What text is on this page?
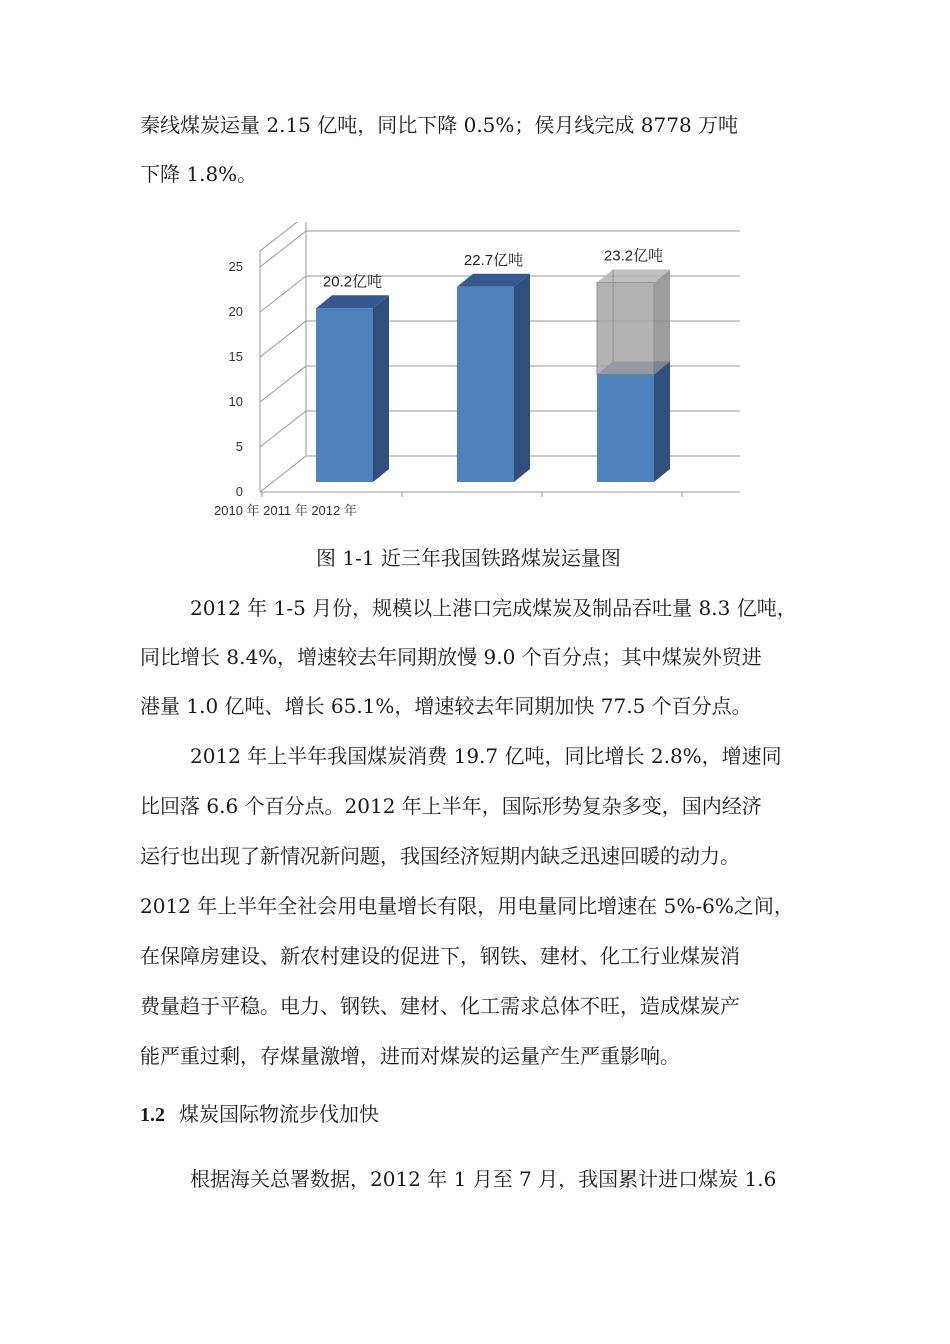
秦线煤炭运量 2.15 亿吨，同比下降 0.5%；侯月线完成 8778 万吨
下降 1.8%。
0
5
10
15
20
25
20.2亿吨
22.7亿吨	23.2亿吨
2010 年 2011 年 2012 年
图 1-1 近三年我国铁路煤炭运量图
2012 年 1-5 月份，规模以上港口完成煤炭及制品吞吐量 8.3 亿吨，
同比增长 8.4%，增速较去年同期放慢 9.0 个百分点；其中煤炭外贸进
港量 1.0 亿吨、增长 65.1%，增速较去年同期加快 77.5 个百分点。
2012 年上半年我国煤炭消费 19.7 亿吨，同比增长 2.8%，增速同
比回落 6.6 个百分点。2012 年上半年，国际形势复杂多变，国内经济
运行也出现了新情况新问题，我国经济短期内缺乏迅速回暖的动力。
2012 年上半年全社会用电量增长有限，用电量同比增速在 5%-6%之间，
在保障房建设、新农村建设的促进下，钢铁、建材、化工行业煤炭消
费量趋于平稳。电力、钢铁、建材、化工需求总体不旺，造成煤炭产
能严重过剩，存煤量激增，进而对煤炭的运量产生严重影响。
1.2 煤炭国际物流步伐加快
根据海关总署数据，2012 年 1 月至 7 月，我国累计进口煤炭 1.6
